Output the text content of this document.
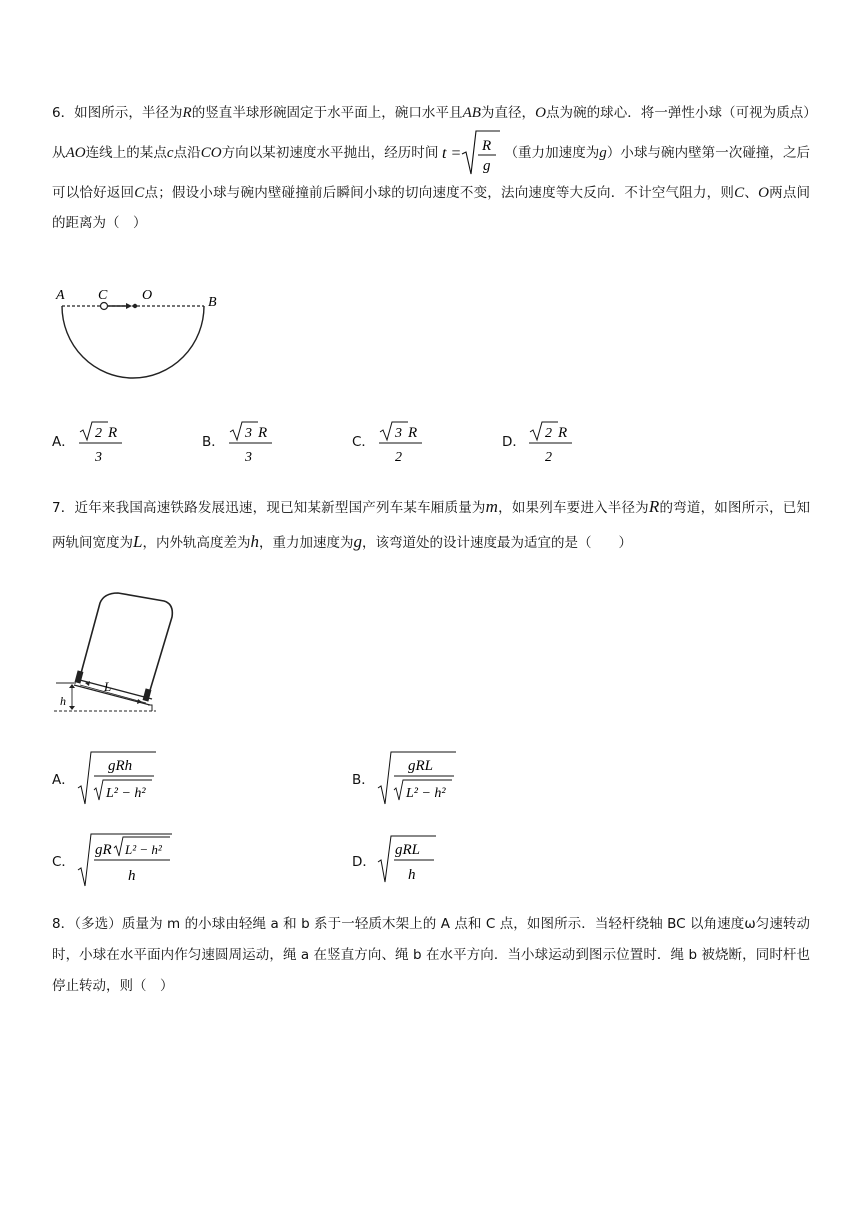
6．如图所示，半径为R的竖直半球形碗固定于水平面上，碗口水平且AB为直径，O点为碗的球心．将一弹性小球（可视为质点）从AO连线上的某点c点沿CO方向以某初速度水平抛出，经历时间 t = R
g
（重力加速度为g）小球与碗内壁第一次碰撞，之后可以恰好返回C点；假设小球与碗内壁碰撞前后瞬间小球的切向速度不变，法向速度等大反向．不计空气阻力，则C、O两点间的距离为（　）
A C O	B
A．
2 R
3
B．
3 R
3
C．
3 R
2
D．
2 R
2
7．近年来我国高速铁路发展迅速，现已知某新型国产列车某车厢质量为m，如果列车要进入半径为R的弯道，如图所示，已知两轨间宽度为L，内外轨高度差为h，重力加速度为g，该弯道处的设计速度最为适宜的是（　　）
L
h
A．
gRh
L² − h²
B．
gRL
L² − h²
C．
gR L² − h²
h
D．
gRL
h
8．（多选）质量为 m 的小球由轻绳 a 和 b 系于一轻质木架上的 A 点和 C 点，如图所示．当轻杆绕轴 BC 以角速度ω匀速转动时，小球在水平面内作匀速圆周运动，绳 a 在竖直方向、绳 b 在水平方向．当小球运动到图示位置时．绳 b 被烧断，同时杆也停止转动，则（　）
